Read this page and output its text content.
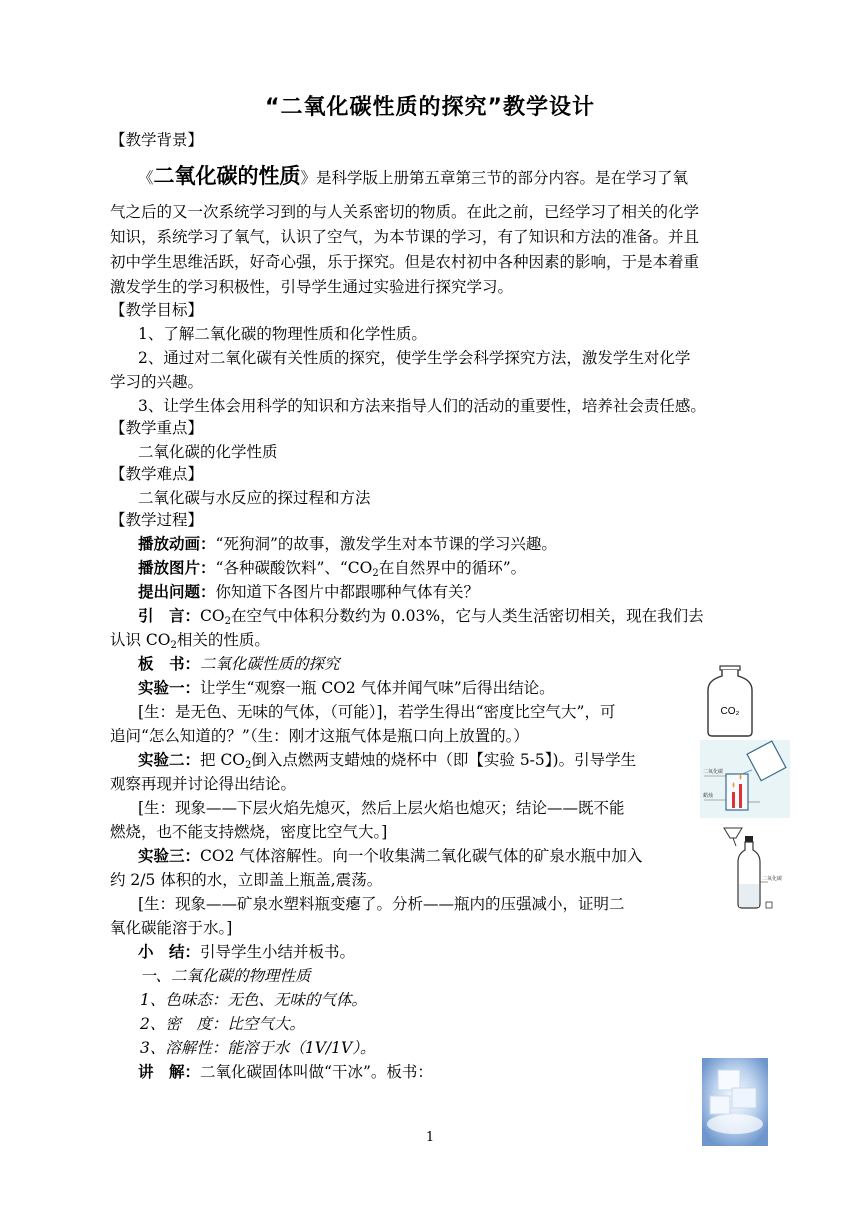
“二氧化碳性质的探究”教学设计
【教学背景】
《二氧化碳的性质》是科学版上册第五章第三节的部分内容。是在学习了氧
气之后的又一次系统学习到的与人关系密切的物质。在此之前，已经学习了相关的化学
知识，系统学习了氧气，认识了空气，为本节课的学习，有了知识和方法的准备。并且
初中学生思维活跃，好奇心强，乐于探究。但是农村初中各种因素的影响，于是本着重
激发学生的学习积极性，引导学生通过实验进行探究学习。
【教学目标】
1、了解二氧化碳的物理性质和化学性质。
2、通过对二氧化碳有关性质的探究，使学生学会科学探究方法，激发学生对化学
学习的兴趣。
3、让学生体会用科学的知识和方法来指导人们的活动的重要性，培养社会责任感。
【教学重点】
二氧化碳的化学性质
【教学难点】
二氧化碳与水反应的探过程和方法
【教学过程】
播放动画：“死狗洞”的故事，激发学生对本节课的学习兴趣。
播放图片：“各种碳酸饮料”、“$CO_2$在自然界中的循环”。
提出问题：你知道下各图片中都跟哪种气体有关？
引　言：$CO_2$在空气中体积分数约为 0.03%，它与人类生活密切相关，现在我们去
认识 $CO_2$相关的性质。
板　书：二氧化碳性质的探究
实验一：让学生“观察一瓶 CO2 气体并闻气味”后得出结论。
[生：是无色、无味的气体，（可能）]，若学生得出“密度比空气大”，可
追问“怎么知道的？”（生：刚才这瓶气体是瓶口向上放置的。）
实验二：把 $CO_2$倒入点燃两支蜡烛的烧杯中（即【实验 5-5】)。引导学生
观察再现并讨论得出结论。
[生：现象——下层火焰先熄灭，然后上层火焰也熄灭；结论——既不能
燃烧，也不能支持燃烧，密度比空气大。]
实验三：CO2 气体溶解性。向一个收集满二氧化碳气体的矿泉水瓶中加入
约 2/5 体积的水，立即盖上瓶盖,震荡。
[生：现象——矿泉水塑料瓶变瘪了。分析——瓶内的压强减小，证明二
氧化碳能溶于水。]
小　结：引导学生小结并板书。
一、二氧化碳的物理性质
1、色味态：无色、无味的气体。
2、密　度：比空气大。
3、溶解性：能溶于水（1V/1V）。
讲　解：二氧化碳固体叫做“干冰”。板书：
CO₂
二氧化碳
蜡烛
二氧化碳
1
